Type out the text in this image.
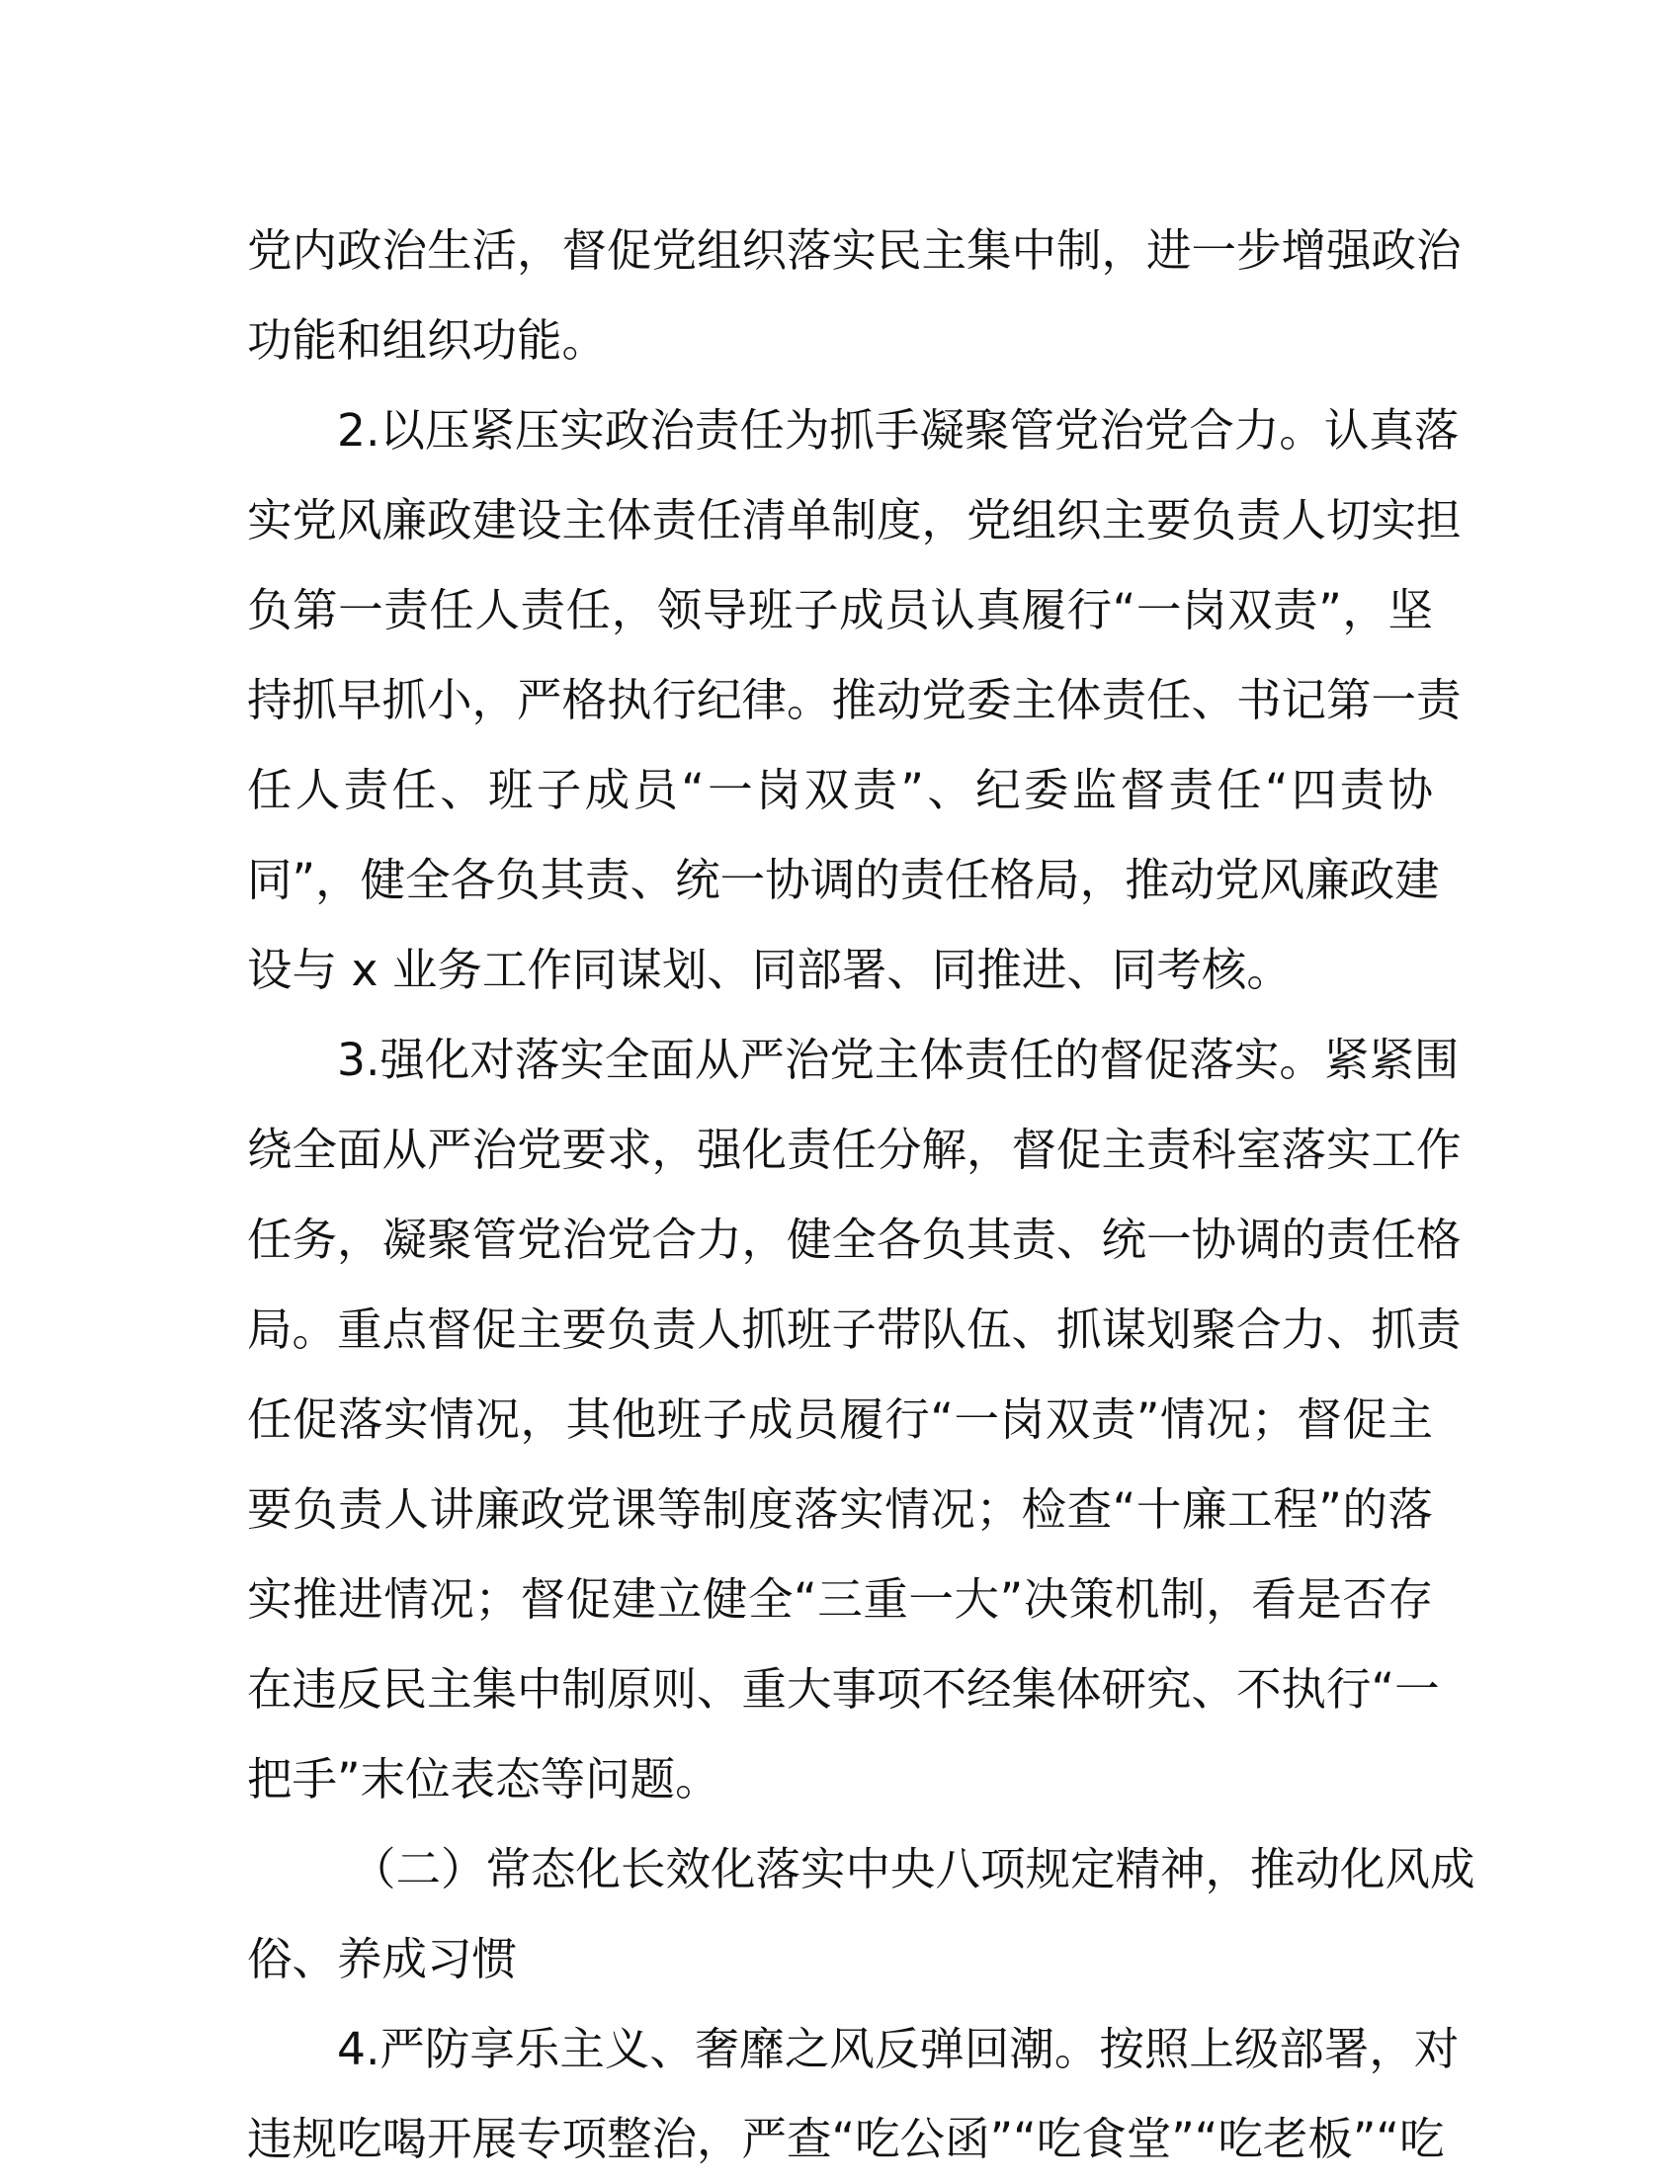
党内政治生活，督促党组织落实民主集中制，进一步增强政治
功能和组织功能。
2.以压紧压实政治责任为抓手凝聚管党治党合力。认真落
实党风廉政建设主体责任清单制度，党组织主要负责人切实担
负第一责任人责任，领导班子成员认真履行“一岗双责”，坚
持抓早抓小，严格执行纪律。推动党委主体责任、书记第一责
任人责任、班子成员“一岗双责”、纪委监督责任“四责协
同”，健全各负其责、统一协调的责任格局，推动党风廉政建
设与 x 业务工作同谋划、同部署、同推进、同考核。
3.强化对落实全面从严治党主体责任的督促落实。紧紧围
绕全面从严治党要求，强化责任分解，督促主责科室落实工作
任务，凝聚管党治党合力，健全各负其责、统一协调的责任格
局。重点督促主要负责人抓班子带队伍、抓谋划聚合力、抓责
任促落实情况，其他班子成员履行“一岗双责”情况；督促主
要负责人讲廉政党课等制度落实情况；检查“十廉工程”的落
实推进情况；督促建立健全“三重一大”决策机制，看是否存
在违反民主集中制原则、重大事项不经集体研究、不执行“一
把手”末位表态等问题。
（二）常态化长效化落实中央八项规定精神，推动化风成
俗、养成习惯
4.严防享乐主义、奢靡之风反弹回潮。按照上级部署，对
违规吃喝开展专项整治，严查“吃公函”“吃食堂”“吃老板”“吃
